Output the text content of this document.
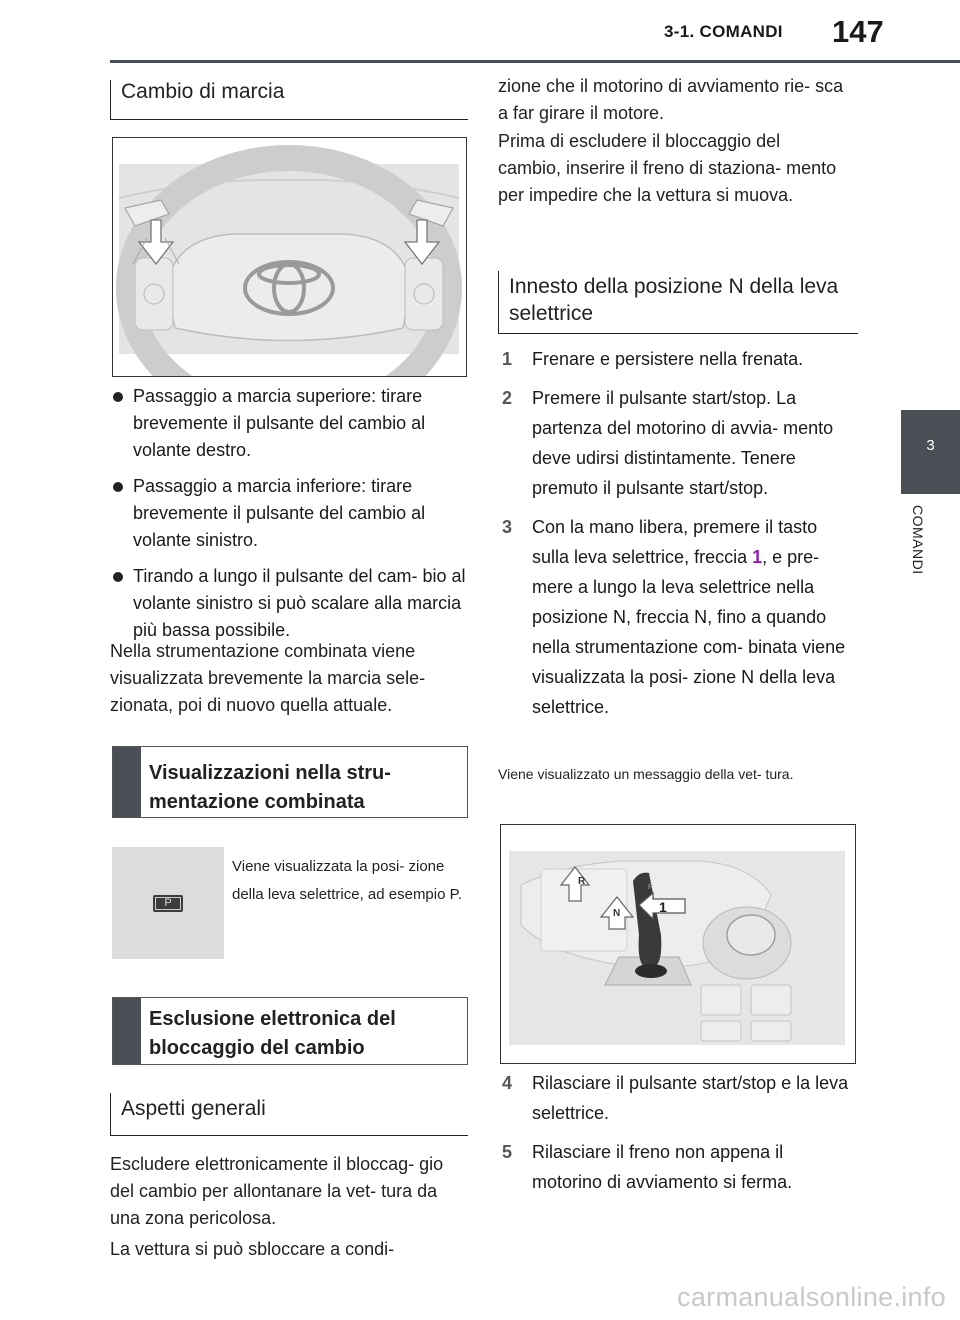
3-1. COMANDI 147
3
COMANDI
Cambio di marcia
Passaggio a marcia superiore: tirare brevemente il pulsante del cambio al volante destro.
Passaggio a marcia inferiore: tirare brevemente il pulsante del cambio al volante sinistro.
Tirando a lungo il pulsante del cam- bio al volante sinistro si può scalare alla marcia più bassa possibile.

Nella strumentazione combinata viene visualizzata brevemente la marcia sele- zionata, poi di nuovo quella attuale.

Visualizzazioni nella stru- mentazione combinata
P
Viene visualizzata la posi- zione della leva selettrice, ad esempio P.
Esclusione elettronica del bloccaggio del cambio
Aspetti generali

Escludere elettronicamente il bloccag- gio del cambio per allontanare la vet- tura da una zona pericolosa.

La vettura si può sbloccare a condi-

zione che il motorino di avviamento rie- sca a far girare il motore.

Prima di escludere il bloccaggio del cambio, inserire il freno di staziona- mento per impedire che la vettura si muova.

Innesto della posizione N della leva selettrice
1 Frenare e persistere nella frenata.
2 Premere il pulsante start/stop. La partenza del motorino di avvia- mento deve udirsi distintamente. Tenere premuto il pulsante start/stop.
3 Con la mano libera, premere il tasto sulla leva selettrice, freccia 1, e pre- mere a lungo la leva selettrice nella posizione N, freccia N, fino a quando nella strumentazione com- binata viene visualizzata la posi- zione N della leva selettrice.
Viene visualizzato un messaggio della vet- tura.
R
N
P
1
4 Rilasciare il pulsante start/stop e la leva selettrice.
5 Rilasciare il freno non appena il motorino di avviamento si ferma.
carmanualsonline.info
